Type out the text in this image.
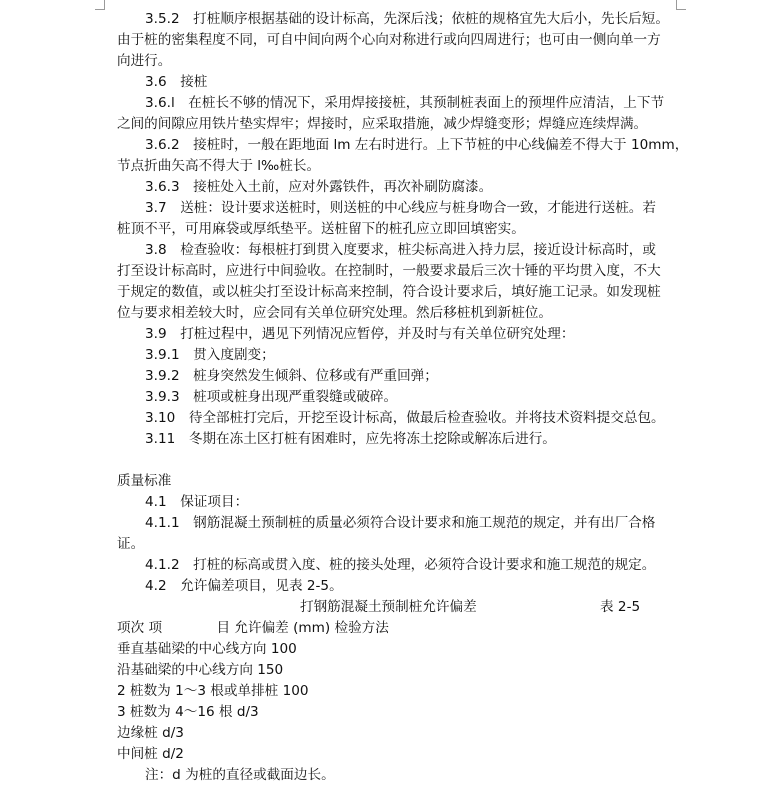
3.5.2　打桩顺序根据基础的设计标高，先深后浅；依桩的规格宜先大后小，先长后短。
由于桩的密集程度不同，可自中间向两个心向对称进行或向四周进行；也可由一侧向单一方
向进行。
3.6　接桩
3.6.l　在桩长不够的情况下，采用焊接接桩，其预制桩表面上的预埋件应清洁，上下节
之间的间隙应用铁片垫实焊牢；焊接时，应采取措施，减少焊缝变形；焊缝应连续焊满。
3.6.2　接桩时，一般在距地面 lm 左右时进行。上下节桩的中心线偏差不得大于 10mm，
节点折曲矢高不得大于 l‰桩长。
3.6.3　接桩处入土前，应对外露铁件，再次补刷防腐漆。
3.7　送桩：设计要求送桩时，则送桩的中心线应与桩身吻合一致，才能进行送桩。若
桩顶不平，可用麻袋或厚纸垫平。送桩留下的桩孔应立即回填密实。
3.8　检查验收：每根桩打到贯入度要求，桩尖标高进入持力层，接近设计标高时，或
打至设计标高时，应进行中间验收。在控制时，一般要求最后三次十锤的平均贯入度，不大
于规定的数值，或以桩尖打至设计标高来控制，符合设计要求后，填好施工记录。如发现桩
位与要求相差较大时，应会同有关单位研究处理。然后移桩机到新桩位。
3.9　打桩过程中，遇见下列情况应暂停，并及时与有关单位研究处理：
3.9.1　贯入度剧变；
3.9.2　桩身突然发生倾斜、位移或有严重回弹；
3.9.3　桩项或桩身出现严重裂缝或破碎。
3.10　待全部桩打完后，开挖至设计标高，做最后检查验收。并将技术资料提交总包。
3.11　冬期在冻土区打桩有困难时，应先将冻土挖除或解冻后进行。
质量标准
4.1　保证项目：
4.1.1　钢筋混凝土预制桩的质量必须符合设计要求和施工规范的规定，并有出厂合格
证。
4.1.2　打桩的标高或贯入度、桩的接头处理，必须符合设计要求和施工规范的规定。
4.2　允许偏差项目，见表 2-5。
打钢筋混凝土预制桩允许偏差	表 2-5
项次 项　　　　目 允许偏差 (mm) 检验方法
垂直基础梁的中心线方向 100
沿基础梁的中心线方向 150
2 桩数为 1～3 根或单排桩 100
3 桩数为 4～16 根 d/3
边缘桩 d/3
中间桩 d/2
注：d 为桩的直径或截面边长。
